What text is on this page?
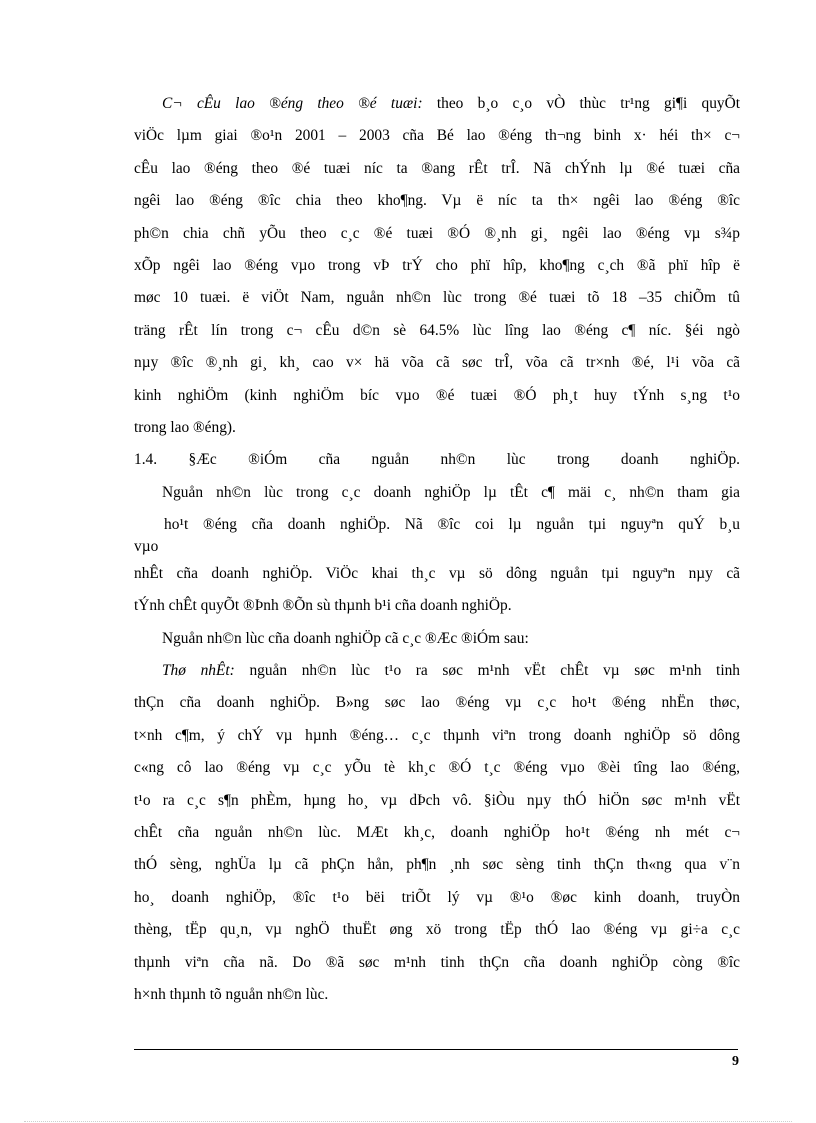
C¬ cÊu lao ®éng theo ®é tuæi: theo b¸o c¸o vÒ thùc tr¹ng gi¶i quyÕt

viÖc lµm giai ®o¹n 2001 – 2003 cña Bé lao ®éng th¬ng binh x· héi th× c¬

cÊu lao ®éng theo ®é tuæi níc ta ®ang rÊt trÎ. Nã chÝnh lµ ®é tuæi cña

ngêi lao ®éng ®îc chia theo kho¶ng. Vµ ë níc ta th× ngêi lao ®éng ®îc

ph©n chia chñ yÕu theo c¸c ®é tuæi ®Ó ®¸nh gi¸ ngêi lao ®éng vµ s¾p

xÕp ngêi lao ®éng vµo trong vÞ trÝ cho phï hîp, kho¶ng c¸ch ®ã phï hîp ë

møc 10 tuæi. ë viÖt Nam, nguån nh©n lùc trong ®é tuæi tõ 18 –35 chiÕm tû

träng rÊt lín trong c¬ cÊu d©n sè 64.5% lùc lîng lao ®éng c¶ níc. §éi ngò

nµy ®îc ®¸nh gi¸ kh¸ cao v× hä võa cã søc trÎ, võa cã tr×nh ®é, l¹i võa cã

kinh nghiÖm (kinh nghiÖm bíc vµo ®é tuæi ®Ó ph¸t huy tÝnh s¸ng t¹o

trong lao ®éng).

1.4. §Æc ®iÓm cña nguån nh©n lùc trong doanh nghiÖp.

Nguån nh©n lùc trong c¸c doanh nghiÖp lµ tÊt c¶ mäi c¸ nh©n tham gia

ho¹t ®éng cña doanh nghiÖp. Nã ®îc coi lµ nguån tµi nguyªn quÝ b¸u

vµo

nhÊt cña doanh nghiÖp. ViÖc khai th¸c vµ sö dông nguån tµi nguyªn nµy cã

tÝnh chÊt quyÕt ®Þnh ®Õn sù thµnh b¹i cña doanh nghiÖp.

Nguån nh©n lùc cña doanh nghiÖp cã c¸c ®Æc ®iÓm sau:

Thø nhÊt: nguån nh©n lùc t¹o ra søc m¹nh vËt chÊt vµ søc m¹nh tinh

thÇn cña doanh nghiÖp. B»ng søc lao ®éng vµ c¸c ho¹t ®éng nhËn thøc,

t×nh c¶m, ý chÝ vµ hµnh ®éng… c¸c thµnh viªn trong doanh nghiÖp sö dông

c«ng cô lao ®éng vµ c¸c yÕu tè kh¸c ®Ó t¸c ®éng vµo ®èi tîng lao ®éng,

t¹o ra c¸c s¶n phÈm, hµng ho¸ vµ dÞch vô. §iÒu nµy thÓ hiÖn søc m¹nh vËt

chÊt cña nguån nh©n lùc. MÆt kh¸c, doanh nghiÖp ho¹t ®éng nh mét c¬

thÓ sèng, nghÜa lµ cã phÇn hån, ph¶n ¸nh søc sèng tinh thÇn th«ng qua v¨n

ho¸ doanh nghiÖp, ®îc t¹o bëi triÕt lý vµ ®¹o ®øc kinh doanh, truyÒn

thèng, tËp qu¸n, vµ nghÖ thuËt øng xö trong tËp thÓ lao ®éng vµ gi÷a c¸c

thµnh viªn cña nã. Do ®ã søc m¹nh tinh thÇn cña doanh nghiÖp còng ®îc

h×nh thµnh tõ nguån nh©n lùc.

9
